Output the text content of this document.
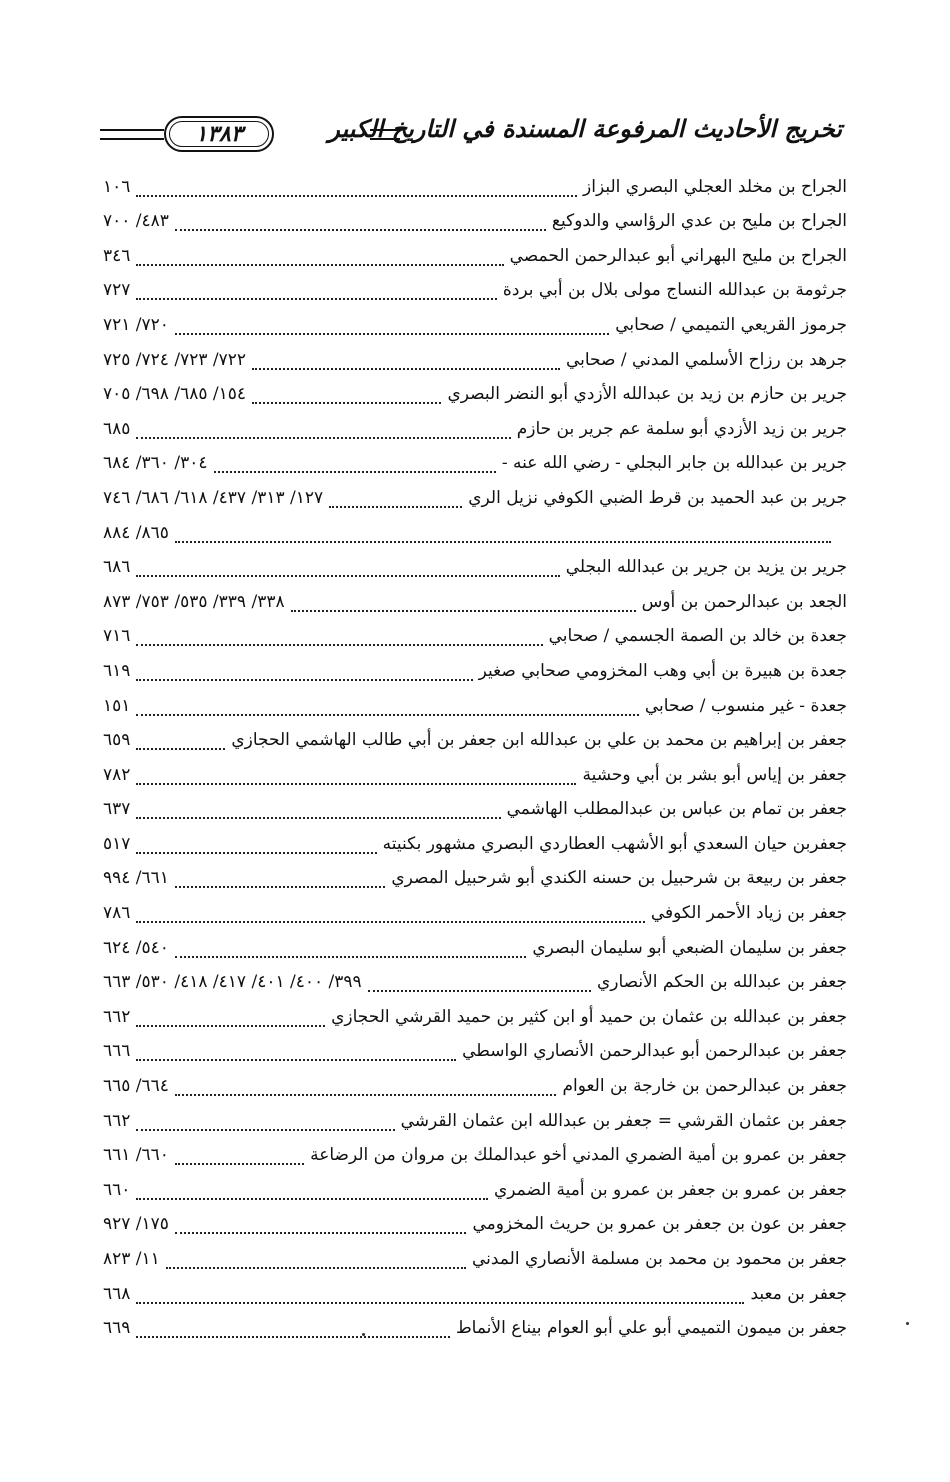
تخريج الأحاديث المرفوعة المسندة في التاريخ الكبير
١٣٨٣
الجراح بن مخلد العجلي البصري البزاز
١٠٦
الجراح بن مليح بن عدي الرؤاسي والدوكيع
٤٨٣/ ٧٠٠
الجراح بن مليح البهراني أبو عبدالرحمن الحمصي
٣٤٦
جرثومة بن عبدالله النساج مولى بلال بن أبي بردة
٧٢٧
جرموز القريعي التميمي / صحابي
٧٢٠/ ٧٢١
جرهد بن رزاح الأسلمي المدني / صحابي
٧٢٢/ ٧٢٣/ ٧٢٤/ ٧٢٥
جرير بن حازم بن زيد بن عبدالله الأزدي أبو النضر البصري
١٥٤/ ٦٨٥/ ٦٩٨/ ٧٠٥
جرير بن زيد الأزدي أبو سلمة عم جرير بن حازم
٦٨٥
جرير بن عبدالله بن جابر البجلي - رضي الله عنه -
٣٠٤/ ٣٦٠/ ٦٨٤
جرير بن عبد الحميد بن قرط الضبي الكوفي نزيل الري
١٢٧/ ٣١٣/ ٤٣٧/ ٦١٨/ ٦٨٦/ ٧٤٦
٨٦٥/ ٨٨٤
جرير بن يزيد بن جرير بن عبدالله البجلي
٦٨٦
الجعد بن عبدالرحمن بن أوس
٣٣٨/ ٣٣٩/ ٥٣٥/ ٧٥٣/ ٨٧٣
جعدة بن خالد بن الصمة الجسمي / صحابي
٧١٦
جعدة بن هبيرة بن أبي وهب المخزومي صحابي صغير
٦١٩
جعدة - غير منسوب / صحابي
١٥١
جعفر بن إبراهيم بن محمد بن علي بن عبدالله ابن جعفر بن أبي طالب الهاشمي الحجازي
٦٥٩
جعفر بن إياس أبو بشر بن أبي وحشية
٧٨٢
جعفر بن تمام بن عباس بن عبدالمطلب الهاشمي
٦٣٧
جعفربن حيان السعدي أبو الأشهب العطاردي البصري مشهور بكنيته
٥١٧
جعفر بن ربيعة بن شرحبيل بن حسنه الكندي أبو شرحبيل المصري
٦٦١/ ٩٩٤
جعفر بن زياد الأحمر الكوفي
٧٨٦
جعفر بن سليمان الضبعي أبو سليمان البصري
٥٤٠/ ٦٢٤
جعفر بن عبدالله بن الحكم الأنصاري
٣٩٩/ ٤٠٠/ ٤٠١/ ٤١٧/ ٤١٨/ ٥٣٠/ ٦٦٣
جعفر بن عبدالله بن عثمان بن حميد أو ابن كثير بن حميد القرشي الحجازي
٦٦٢
جعفر بن عبدالرحمن أبو عبدالرحمن الأنصاري الواسطي
٦٦٦
جعفر بن عبدالرحمن بن خارجة بن العوام
٦٦٤/ ٦٦٥
جعفر بن عثمان القرشي = جعفر بن عبدالله ابن عثمان القرشي
٦٦٢
جعفر بن عمرو بن أمية الضمري المدني أخو عبدالملك بن مروان من الرضاعة
٦٦٠/ ٦٦١
جعفر بن عمرو بن جعفر بن عمرو بن أمية الضمري
٦٦٠
جعفر بن عون بن جعفر بن عمرو بن حريث المخزومي
١٧٥/ ٩٢٧
جعفر بن محمود بن محمد بن مسلمة الأنصاري المدني
١١/ ٨٢٣
جعفر بن معبد
٦٦٨
جعفر بن ميمون التميمي أبو علي أبو العوام بيناع الأنماط
٦٦٩
